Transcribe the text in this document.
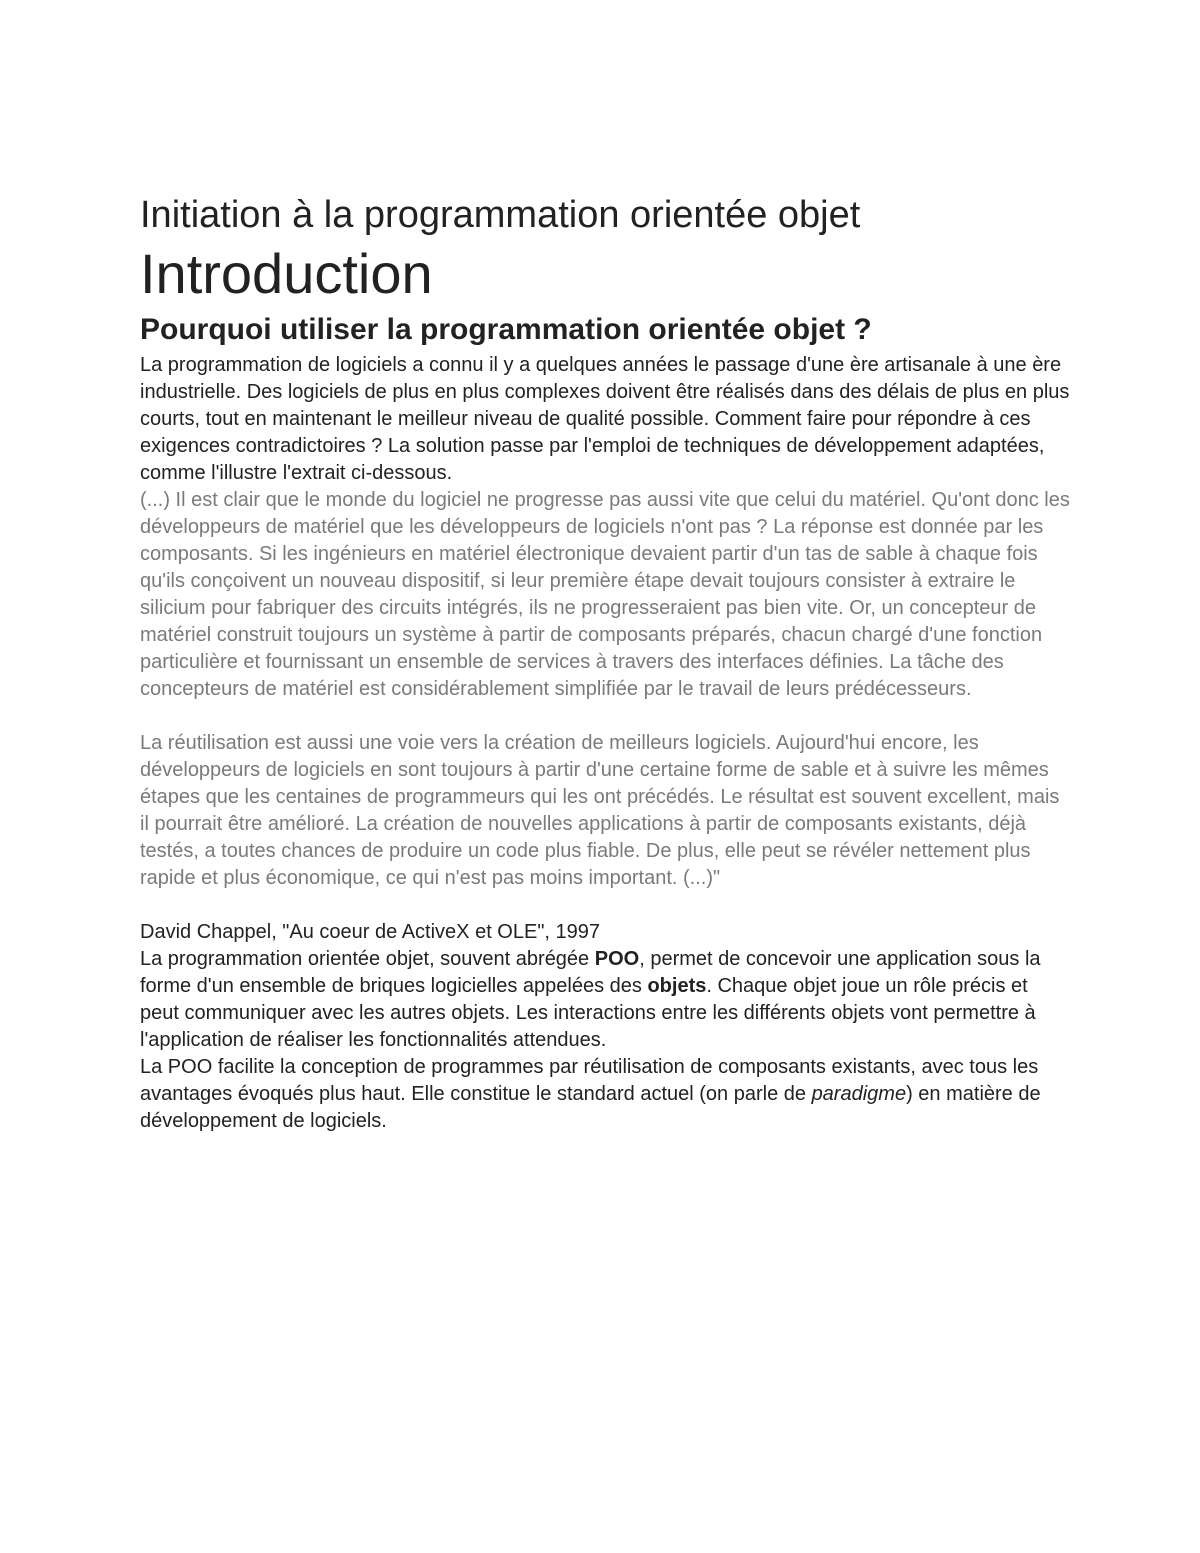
Initiation à la programmation orientée objet
Introduction
Pourquoi utiliser la programmation orientée objet ?

La programmation de logiciels a connu il y a quelques années le passage d'une ère artisanale à une ère industrielle. Des logiciels de plus en plus complexes doivent être réalisés dans des délais de plus en plus courts, tout en maintenant le meilleur niveau de qualité possible. Comment faire pour répondre à ces exigences contradictoires ? La solution passe par l'emploi de techniques de développement adaptées, comme l'illustre l'extrait ci-dessous.

(...) Il est clair que le monde du logiciel ne progresse pas aussi vite que celui du matériel. Qu'ont donc les développeurs de matériel que les développeurs de logiciels n'ont pas ? La réponse est donnée par les composants. Si les ingénieurs en matériel électronique devaient partir d'un tas de sable à chaque fois qu'ils conçoivent un nouveau dispositif, si leur première étape devait toujours consister à extraire le silicium pour fabriquer des circuits intégrés, ils ne progresseraient pas bien vite. Or, un concepteur de matériel construit toujours un système à partir de composants préparés, chacun chargé d'une fonction particulière et fournissant un ensemble de services à travers des interfaces définies. La tâche des concepteurs de matériel est considérablement simplifiée par le travail de leurs prédécesseurs.

La réutilisation est aussi une voie vers la création de meilleurs logiciels. Aujourd'hui encore, les développeurs de logiciels en sont toujours à partir d'une certaine forme de sable et à suivre les mêmes étapes que les centaines de programmeurs qui les ont précédés. Le résultat est souvent excellent, mais il pourrait être amélioré. La création de nouvelles applications à partir de composants existants, déjà testés, a toutes chances de produire un code plus fiable. De plus, elle peut se révéler nettement plus rapide et plus économique, ce qui n'est pas moins important. (...)"

David Chappel, "Au coeur de ActiveX et OLE", 1997

La programmation orientée objet, souvent abrégée POO, permet de concevoir une application sous la forme d'un ensemble de briques logicielles appelées des objets. Chaque objet joue un rôle précis et peut communiquer avec les autres objets. Les interactions entre les différents objets vont permettre à l'application de réaliser les fonctionnalités attendues.

La POO facilite la conception de programmes par réutilisation de composants existants, avec tous les avantages évoqués plus haut. Elle constitue le standard actuel (on parle de paradigme) en matière de développement de logiciels.
